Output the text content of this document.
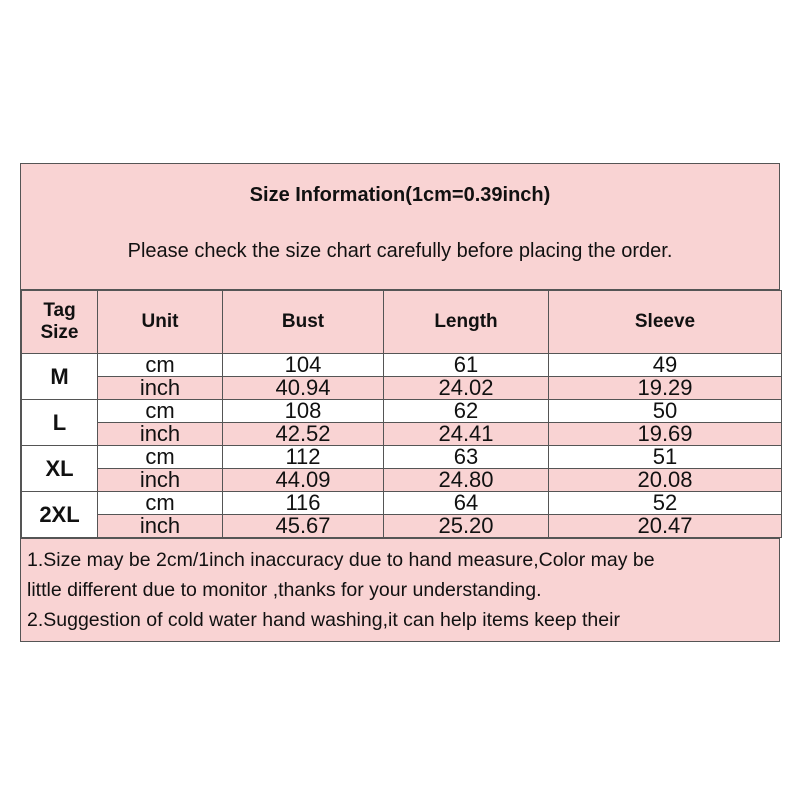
Size Information(1cm=0.39inch)
Please check the size chart carefully before placing the order.
Tag Size	Unit	Bust	Length	Sleeve
M	cm	104	61	49
	inch	40.94	24.02	19.29
L	cm	108	62	50
	inch	42.52	24.41	19.69
XL	cm	112	63	51
	inch	44.09	24.80	20.08
2XL	cm	116	64	52
	inch	45.67	25.20	20.47
1.Size may be 2cm/1inch inaccuracy due to hand measure,Color may be
little different due to monitor ,thanks for your understanding.
2.Suggestion of cold water hand washing,it can help items keep their
